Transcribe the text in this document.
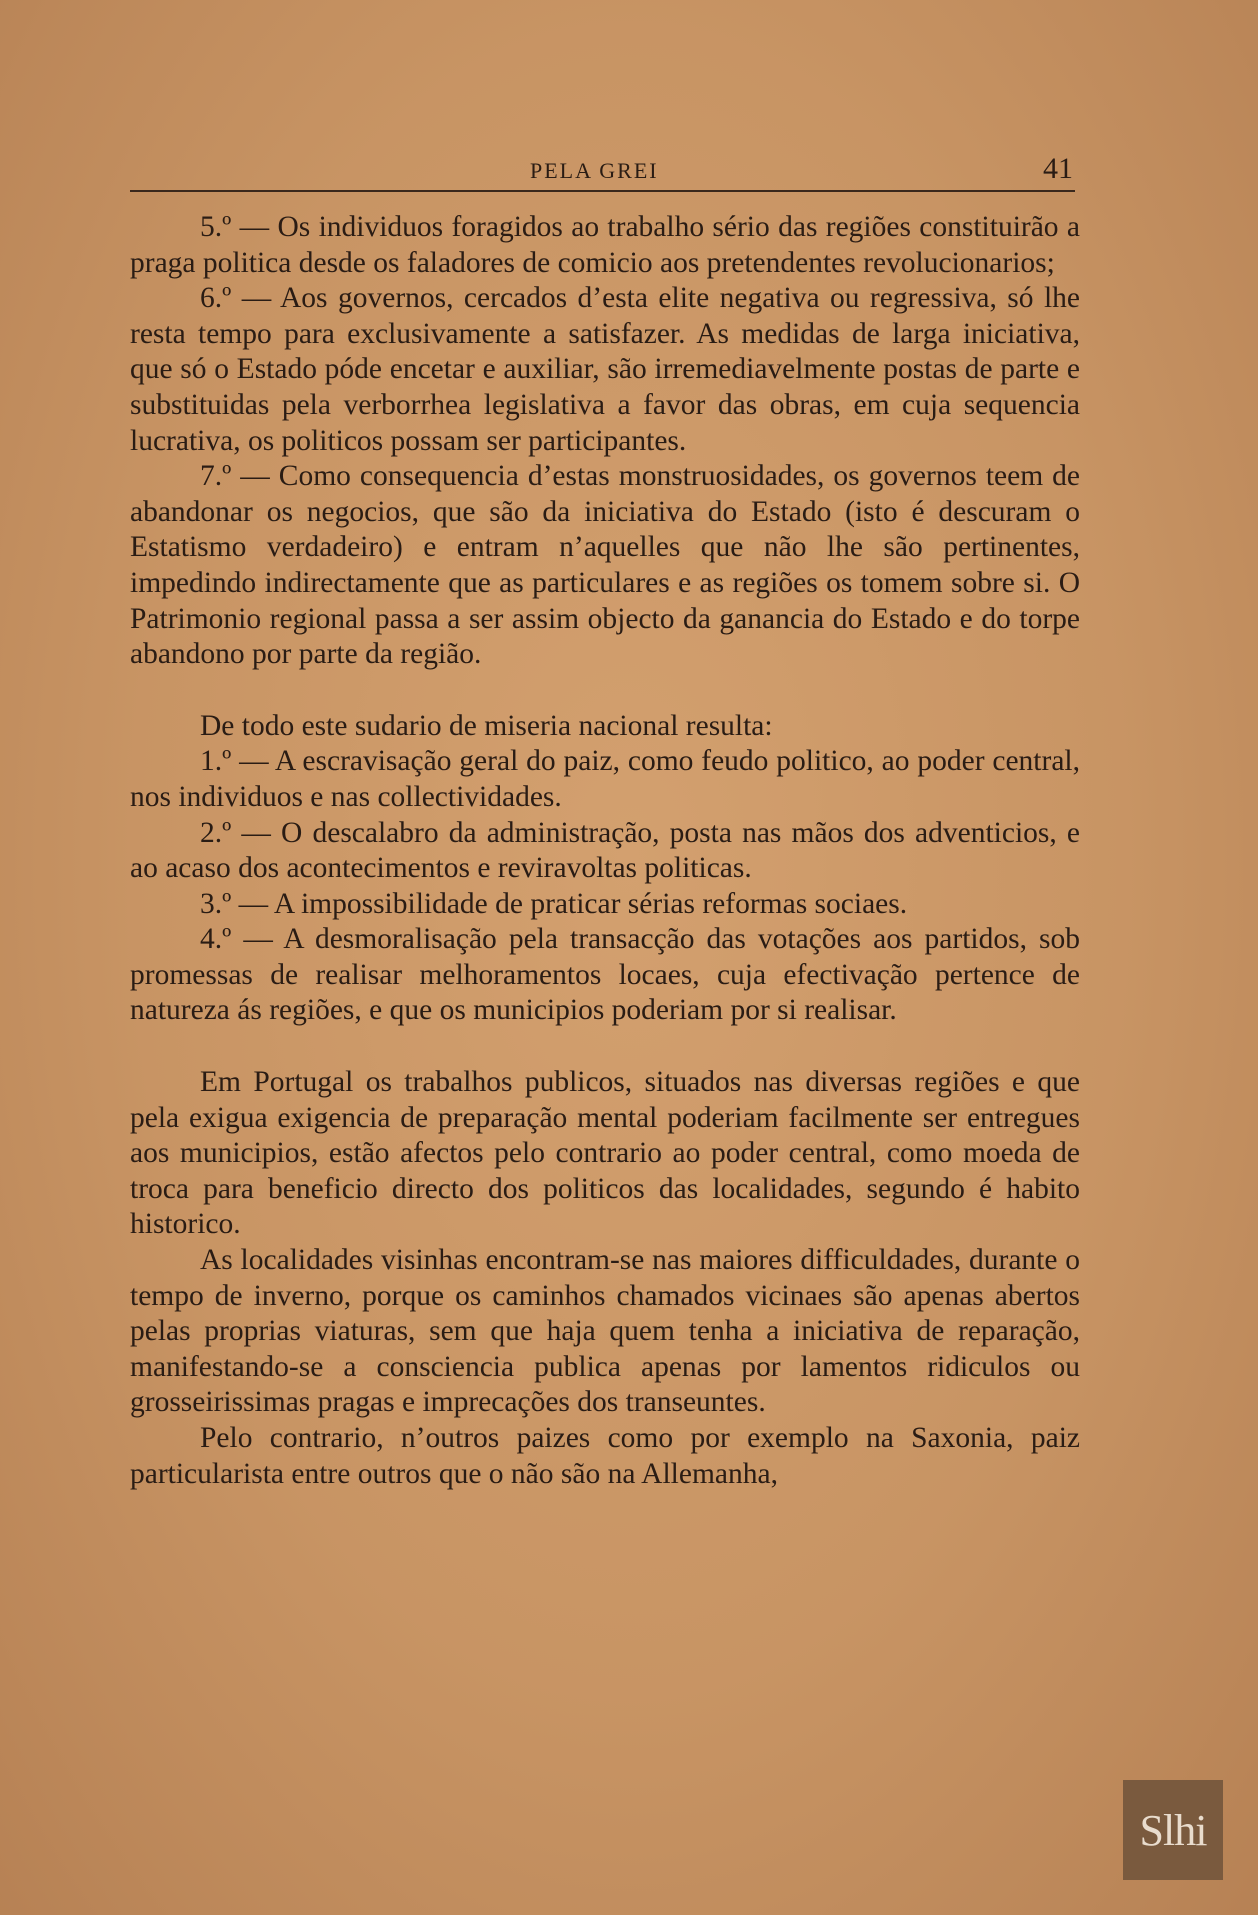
PELA GREI	41

5.º — Os individuos foragidos ao trabalho sério das regiões constituirão a praga politica desde os faladores de comicio aos pretendentes revolucionarios;

6.º — Aos governos, cercados d’esta elite negativa ou regressiva, só lhe resta tempo para exclusivamente a satisfazer. As medidas de larga iniciativa, que só o Estado póde encetar e auxiliar, são irremediavelmente postas de parte e substituidas pela verborrhea legislativa a favor das obras, em cuja sequencia lucrativa, os politicos possam ser participantes.

7.º — Como consequencia d’estas monstruosidades, os governos teem de abandonar os negocios, que são da iniciativa do Estado (isto é descuram o Estatismo verdadeiro) e entram n’aquelles que não lhe são pertinentes, impedindo indirectamente que as particulares e as regiões os tomem sobre si. O Patrimonio regional passa a ser assim objecto da ganancia do Estado e do torpe abandono por parte da região.

De todo este sudario de miseria nacional resulta:

1.º — A escravisação geral do paiz, como feudo politico, ao poder central, nos individuos e nas collectividades.

2.º — O descalabro da administração, posta nas mãos dos adventicios, e ao acaso dos acontecimentos e reviravoltas politicas.

3.º — A impossibilidade de praticar sérias reformas sociaes.

4.º — A desmoralisação pela transacção das votações aos partidos, sob promessas de realisar melhoramentos locaes, cuja efectivação pertence de natureza ás regiões, e que os municipios poderiam por si realisar.

Em Portugal os trabalhos publicos, situados nas diversas regiões e que pela exigua exigencia de preparação mental poderiam facilmente ser entregues aos municipios, estão afectos pelo contrario ao poder central, como moeda de troca para beneficio directo dos politicos das localidades, segundo é habito historico.

As localidades visinhas encontram-se nas maiores difficuldades, durante o tempo de inverno, porque os caminhos chamados vicinaes são apenas abertos pelas proprias viaturas, sem que haja quem tenha a iniciativa de reparação, manifestando-se a consciencia publica apenas por lamentos ridiculos ou grosseirissimas pragas e imprecações dos transeuntes.

Pelo contrario, n’outros paizes como por exemplo na Saxonia, paiz particularista entre outros que o não são na Allemanha,

Slhi
